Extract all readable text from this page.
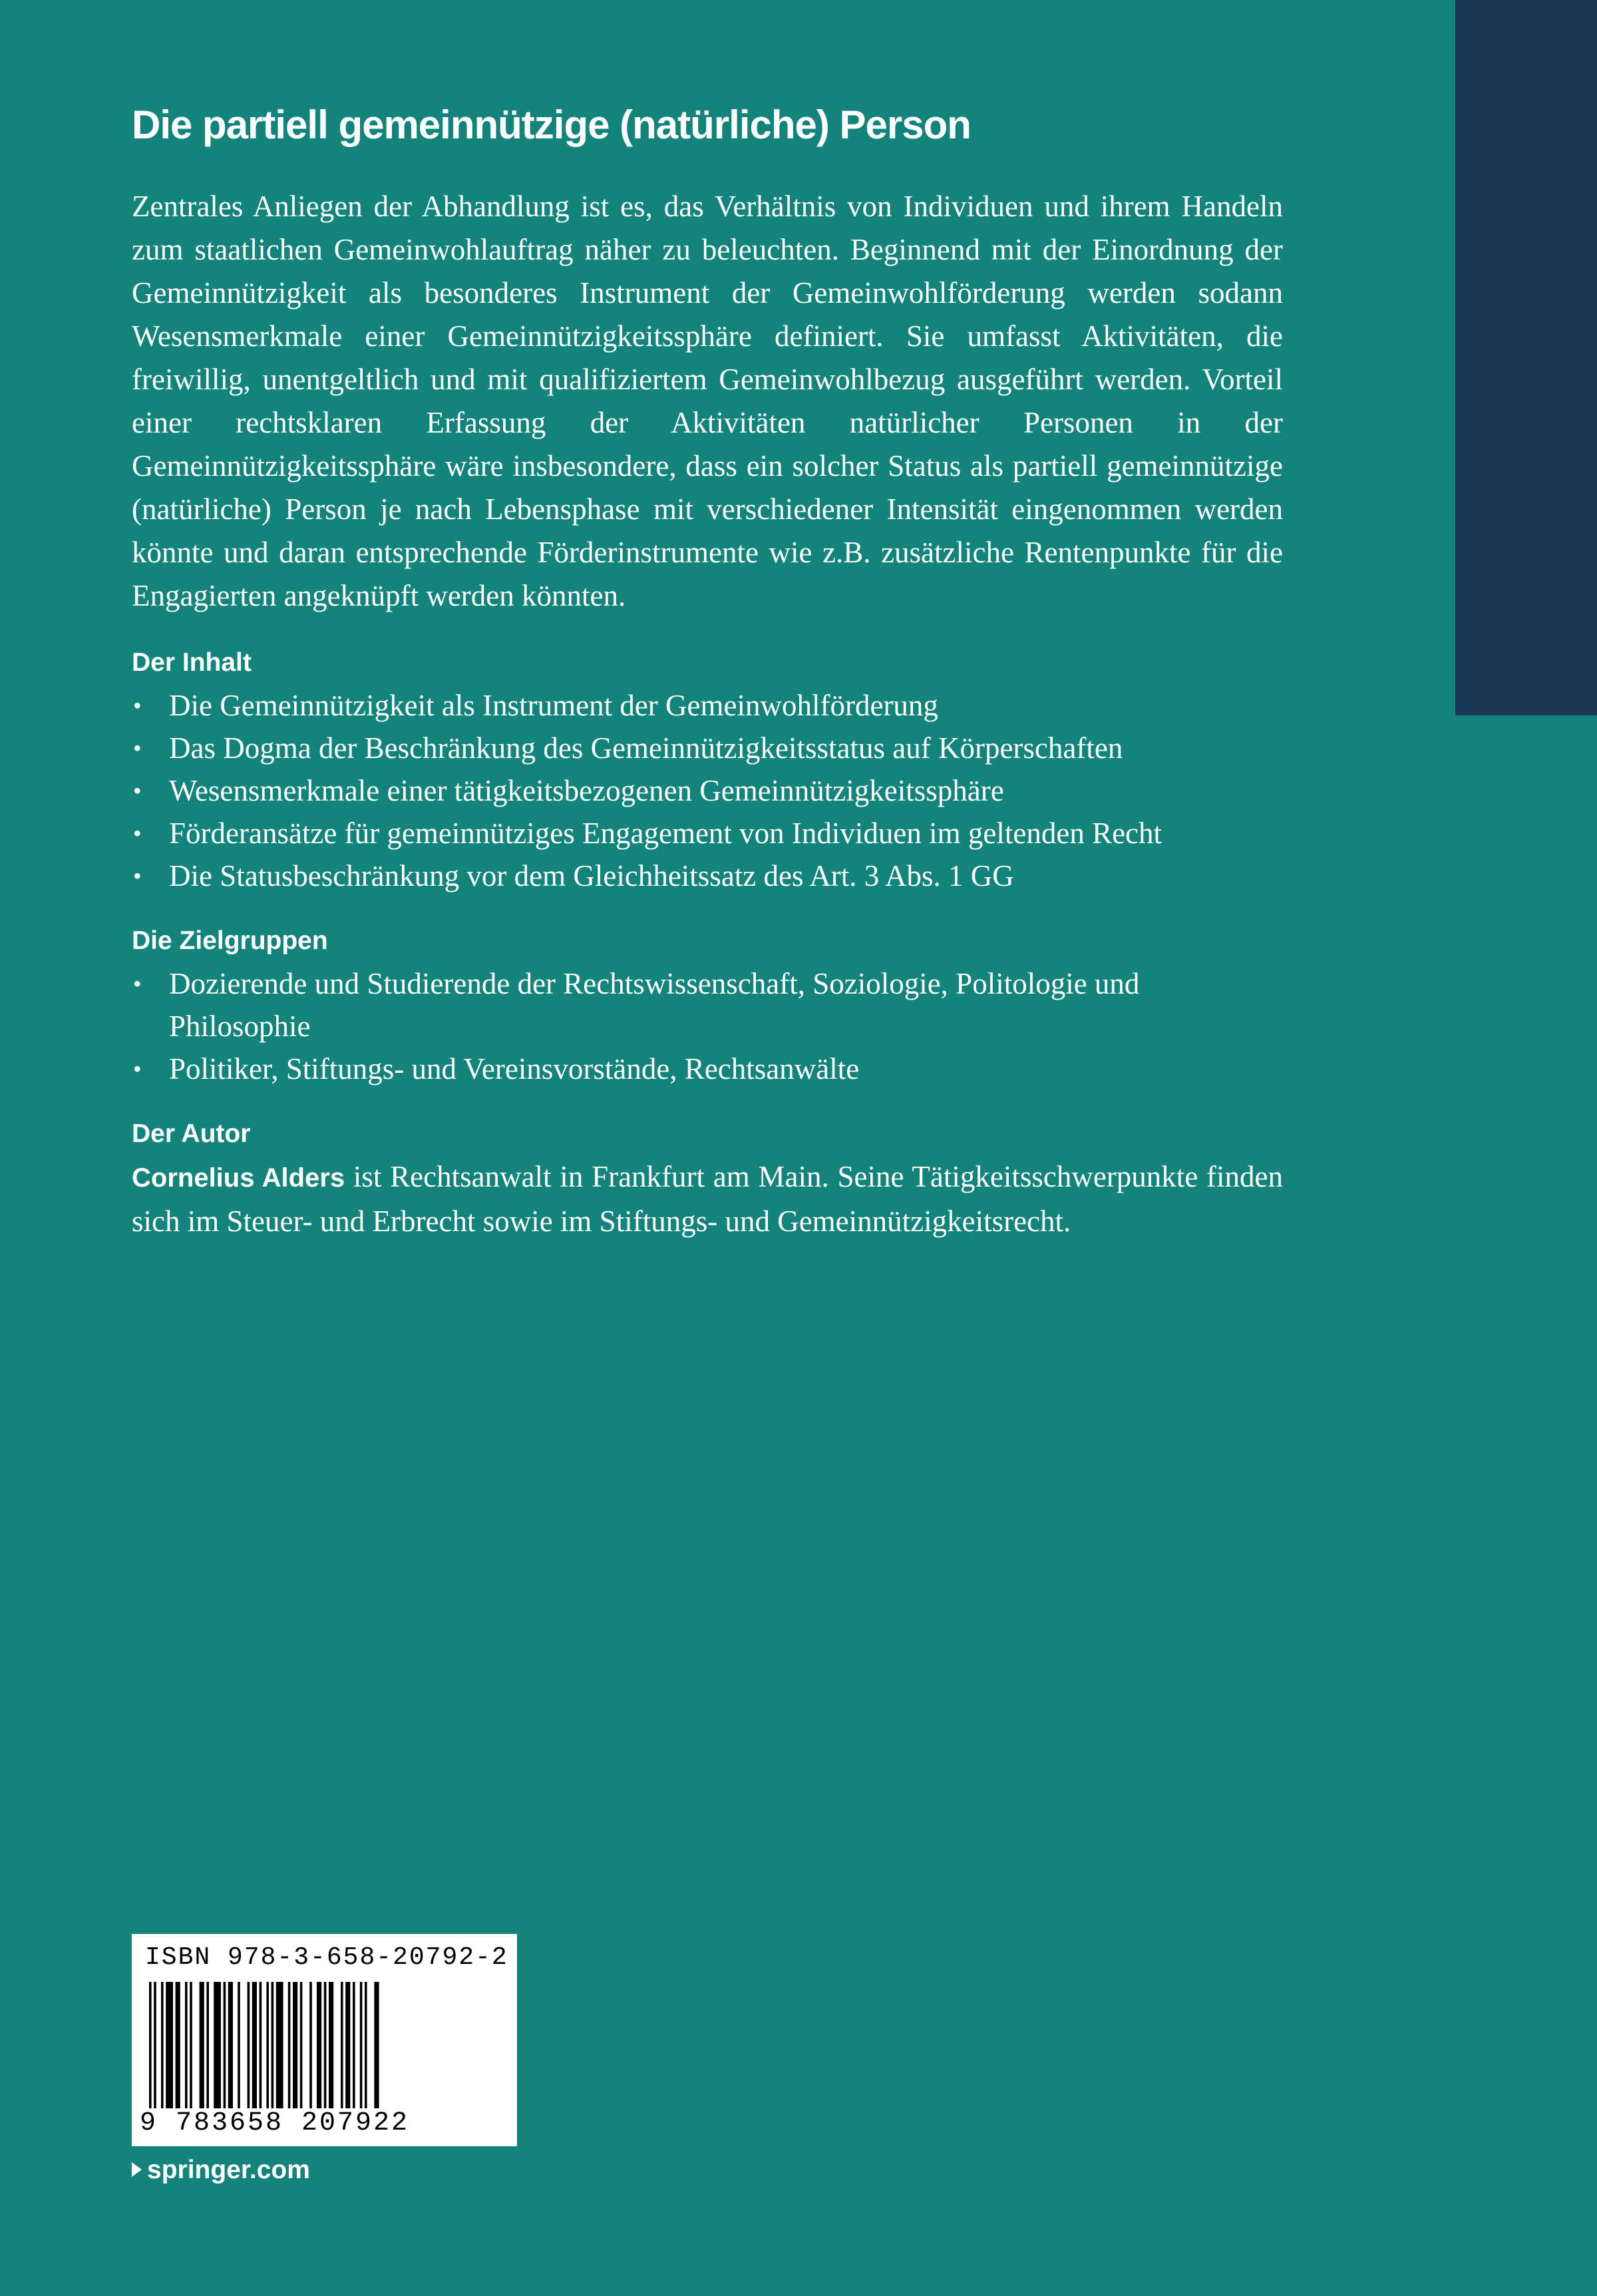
Die partiell gemeinnützige (natürliche) Person

Zentrales Anliegen der Abhandlung ist es, das Verhältnis von Individuen und ihrem Handeln zum staatlichen Gemeinwohlauftrag näher zu beleuchten. Beginnend mit der Einordnung der Gemeinnützigkeit als besonderes Instrument der Gemeinwohlförderung werden sodann Wesensmerkmale einer Gemeinnützigkeitssphäre definiert. Sie umfasst Aktivitäten, die freiwillig, unentgeltlich und mit qualifiziertem Gemeinwohlbezug ausgeführt werden. Vorteil einer rechtsklaren Erfassung der Aktivitäten natürlicher Personen in der Gemeinnützigkeitssphäre wäre insbesondere, dass ein solcher Status als partiell gemeinnützige (natürliche) Person je nach Lebensphase mit verschiedener Intensität eingenommen werden könnte und daran entsprechende Förderinstrumente wie z.B. zusätzliche Rentenpunkte für die Engagierten angeknüpft werden könnten.

Der Inhalt
• Die Gemeinnützigkeit als Instrument der Gemeinwohlförderung
• Das Dogma der Beschränkung des Gemeinnützigkeitsstatus auf Körperschaften
• Wesensmerkmale einer tätigkeitsbezogenen Gemeinnützigkeitssphäre
• Förderansätze für gemeinnütziges Engagement von Individuen im geltenden Recht
• Die Statusbeschränkung vor dem Gleichheitssatz des Art. 3 Abs. 1 GG
Die Zielgruppen
• Dozierende und Studierende der Rechtswissenschaft, Soziologie, Politologie und Philosophie
• Politiker, Stiftungs- und Vereinsvorstände, Rechtsanwälte
Der Autor

Cornelius Alders ist Rechtsanwalt in Frankfurt am Main. Seine Tätigkeitsschwerpunkte finden sich im Steuer- und Erbrecht sowie im Stiftungs- und Gemeinnützigkeitsrecht.

ISBN 978-3-658-20792-2
9 783658 207922
springer.com
